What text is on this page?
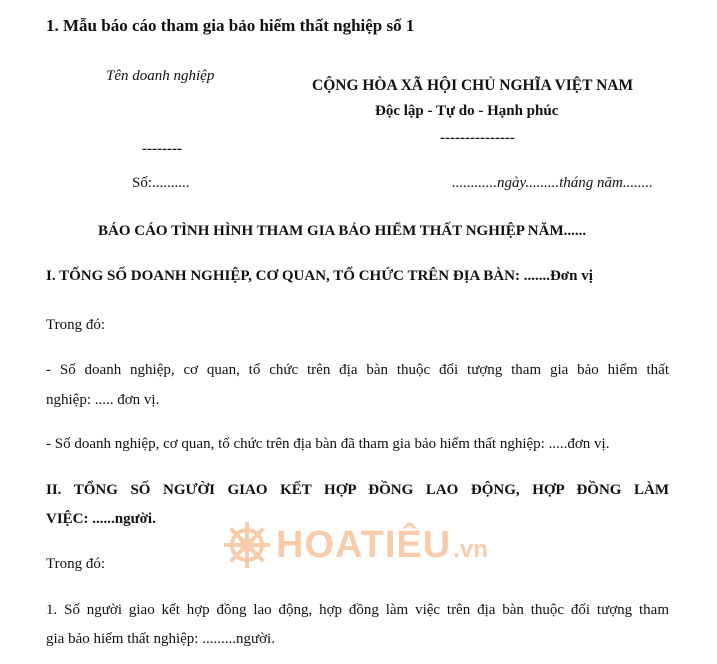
1. Mẫu báo cáo tham gia bảo hiểm thất nghiệp số 1
Tên doanh nghiệp
CỘNG HÒA XÃ HỘI CHỦ NGHĨA VIỆT NAM
Độc lập - Tự do - Hạnh phúc
---------------
--------
Số:..........	............ngày.........tháng năm........
BÁO CÁO TÌNH HÌNH THAM GIA BẢO HIỂM THẤT NGHIỆP NĂM......
I. TỔNG SỐ DOANH NGHIỆP, CƠ QUAN, TỔ CHỨC TRÊN ĐỊA BÀN: .......Đơn vị
Trong đó:
- Số doanh nghiệp, cơ quan, tổ chức trên địa bàn thuộc đối tượng tham gia bảo hiểm thất
nghiệp: ..... đơn vị.
- Số doanh nghiệp, cơ quan, tổ chức trên địa bàn đã tham gia bảo hiểm thất nghiệp: .....đơn vị.
II. TỔNG SỐ NGƯỜI GIAO KẾT HỢP ĐỒNG LAO ĐỘNG, HỢP ĐỒNG LÀM
VIỆC: ......người.
Trong đó:
1. Số người giao kết hợp đồng lao động, hợp đồng làm việc trên địa bàn thuộc đối tượng tham
gia bảo hiểm thất nghiệp: .........người.
HOATIÊU .vn
